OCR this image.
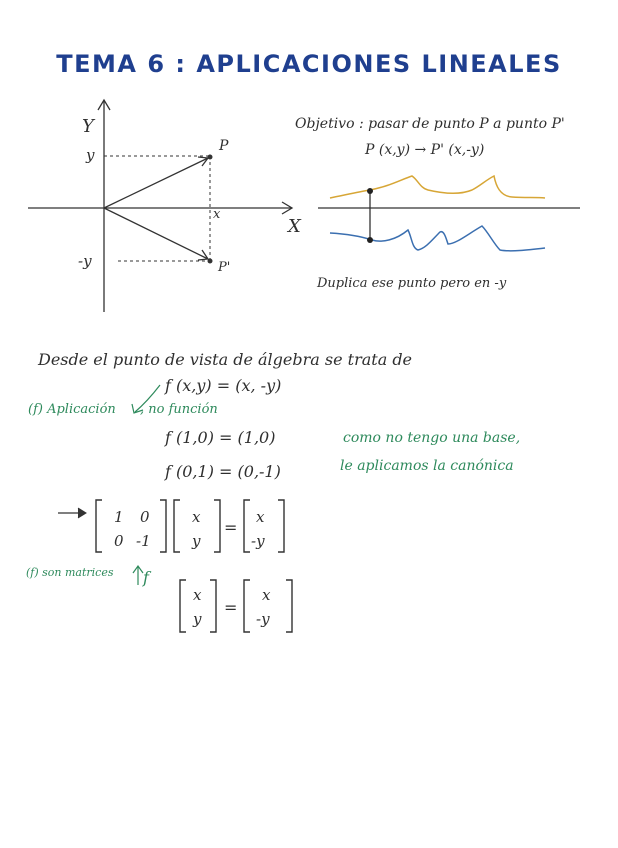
TEMA 6 : APLICACIONES LINEALES
Y
X
y
-y
x
P
P'
Objetivo : pasar de punto P a punto P'
P (x,y) → P' (x,-y)
Duplica ese punto pero en -y
Desde el punto de vista de álgebra se trata de
f (x,y) = (x, -y)
(f) Aplicación , no función
f (1,0) = (1,0)
f (0,1) = (0,-1)
como no tengo una base,
le aplicamos la canónica
1 0
0 -1
x
y
=
x
-y
(f) son matrices f
x
y
=
x
-y
